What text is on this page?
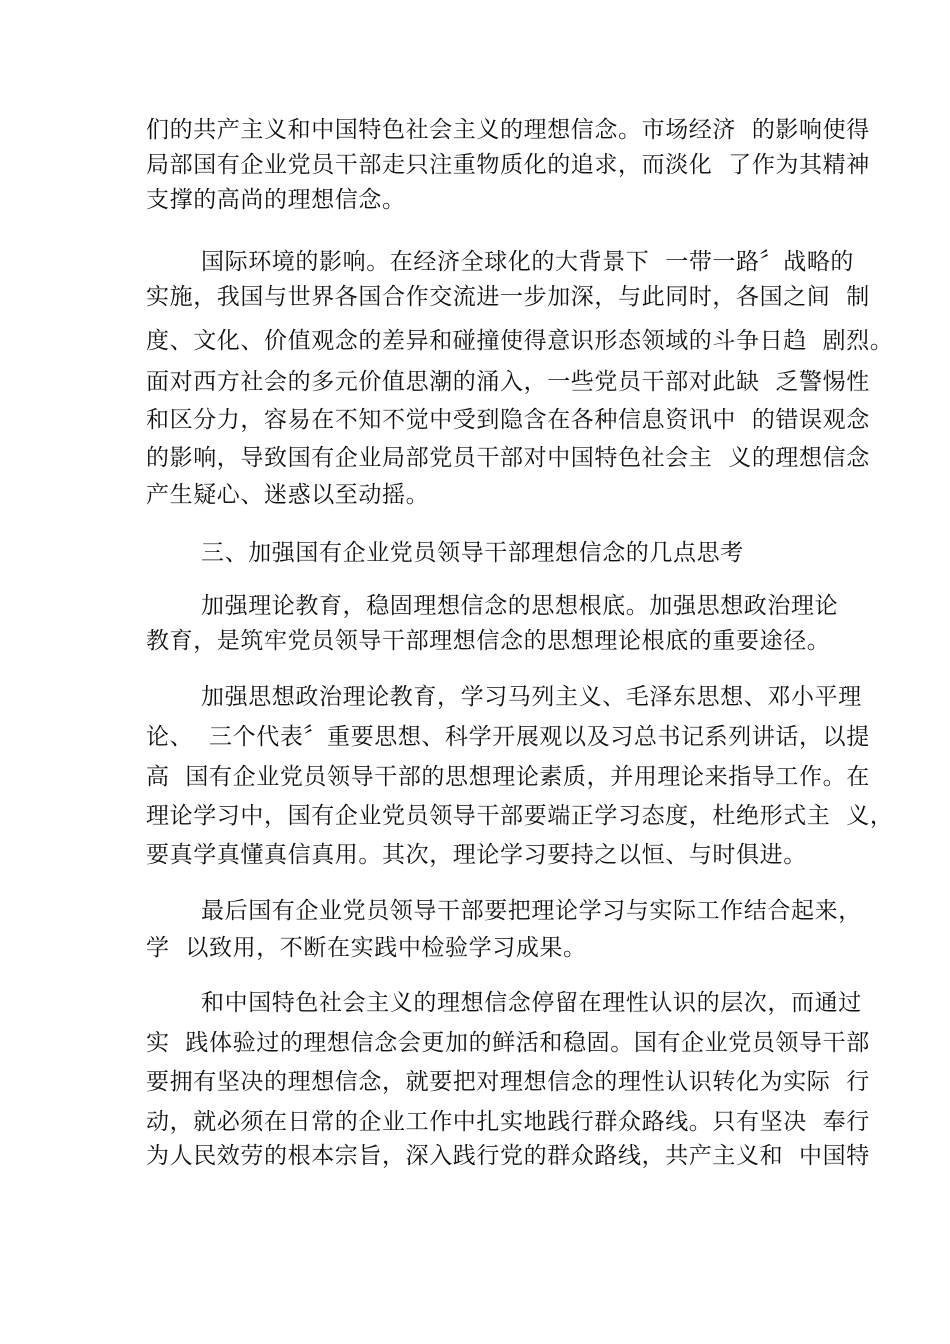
们的共产主义和中国特色社会主义的理想信念。市场经济  的影响使得
局部国有企业党员干部走只注重物质化的追求，而淡化  了作为其精神
支撑的高尚的理想信念。
国际环境的影响。在经济全球化的大背景下  一带一路〞战略的
实施，我国与世界各国合作交流进一步加深，与此同时，各国之间  制
度、文化、价值观念的差异和碰撞使得意识形态领域的斗争日趋  剧烈。
面对西方社会的多元价值思潮的涌入，一些党员干部对此缺  乏警惕性
和区分力，容易在不知不觉中受到隐含在各种信息资讯中  的错误观念
的影响，导致国有企业局部党员干部对中国特色社会主  义的理想信念
产生疑心、迷惑以至动摇。
三、加强国有企业党员领导干部理想信念的几点思考
加强理论教育，稳固理想信念的思想根底。加强思想政治理论
教育，是筑牢党员领导干部理想信念的思想理论根底的重要途径。
加强思想政治理论教育，学习马列主义、毛泽东思想、邓小平理
论、  三个代表〞重要思想、科学开展观以及习总书记系列讲话，以提
高  国有企业党员领导干部的思想理论素质，并用理论来指导工作。在
理论学习中，国有企业党员领导干部要端正学习态度，杜绝形式主  义，
要真学真懂真信真用。其次，理论学习要持之以恒、与时俱进。
最后国有企业党员领导干部要把理论学习与实际工作结合起来，
学  以致用，不断在实践中检验学习成果。
和中国特色社会主义的理想信念停留在理性认识的层次，而通过
实  践体验过的理想信念会更加的鲜活和稳固。国有企业党员领导干部
要拥有坚决的理想信念，就要把对理想信念的理性认识转化为实际  行
动，就必须在日常的企业工作中扎实地践行群众路线。只有坚决  奉行
为人民效劳的根本宗旨，深入践行党的群众路线，共产主义和  中国特
